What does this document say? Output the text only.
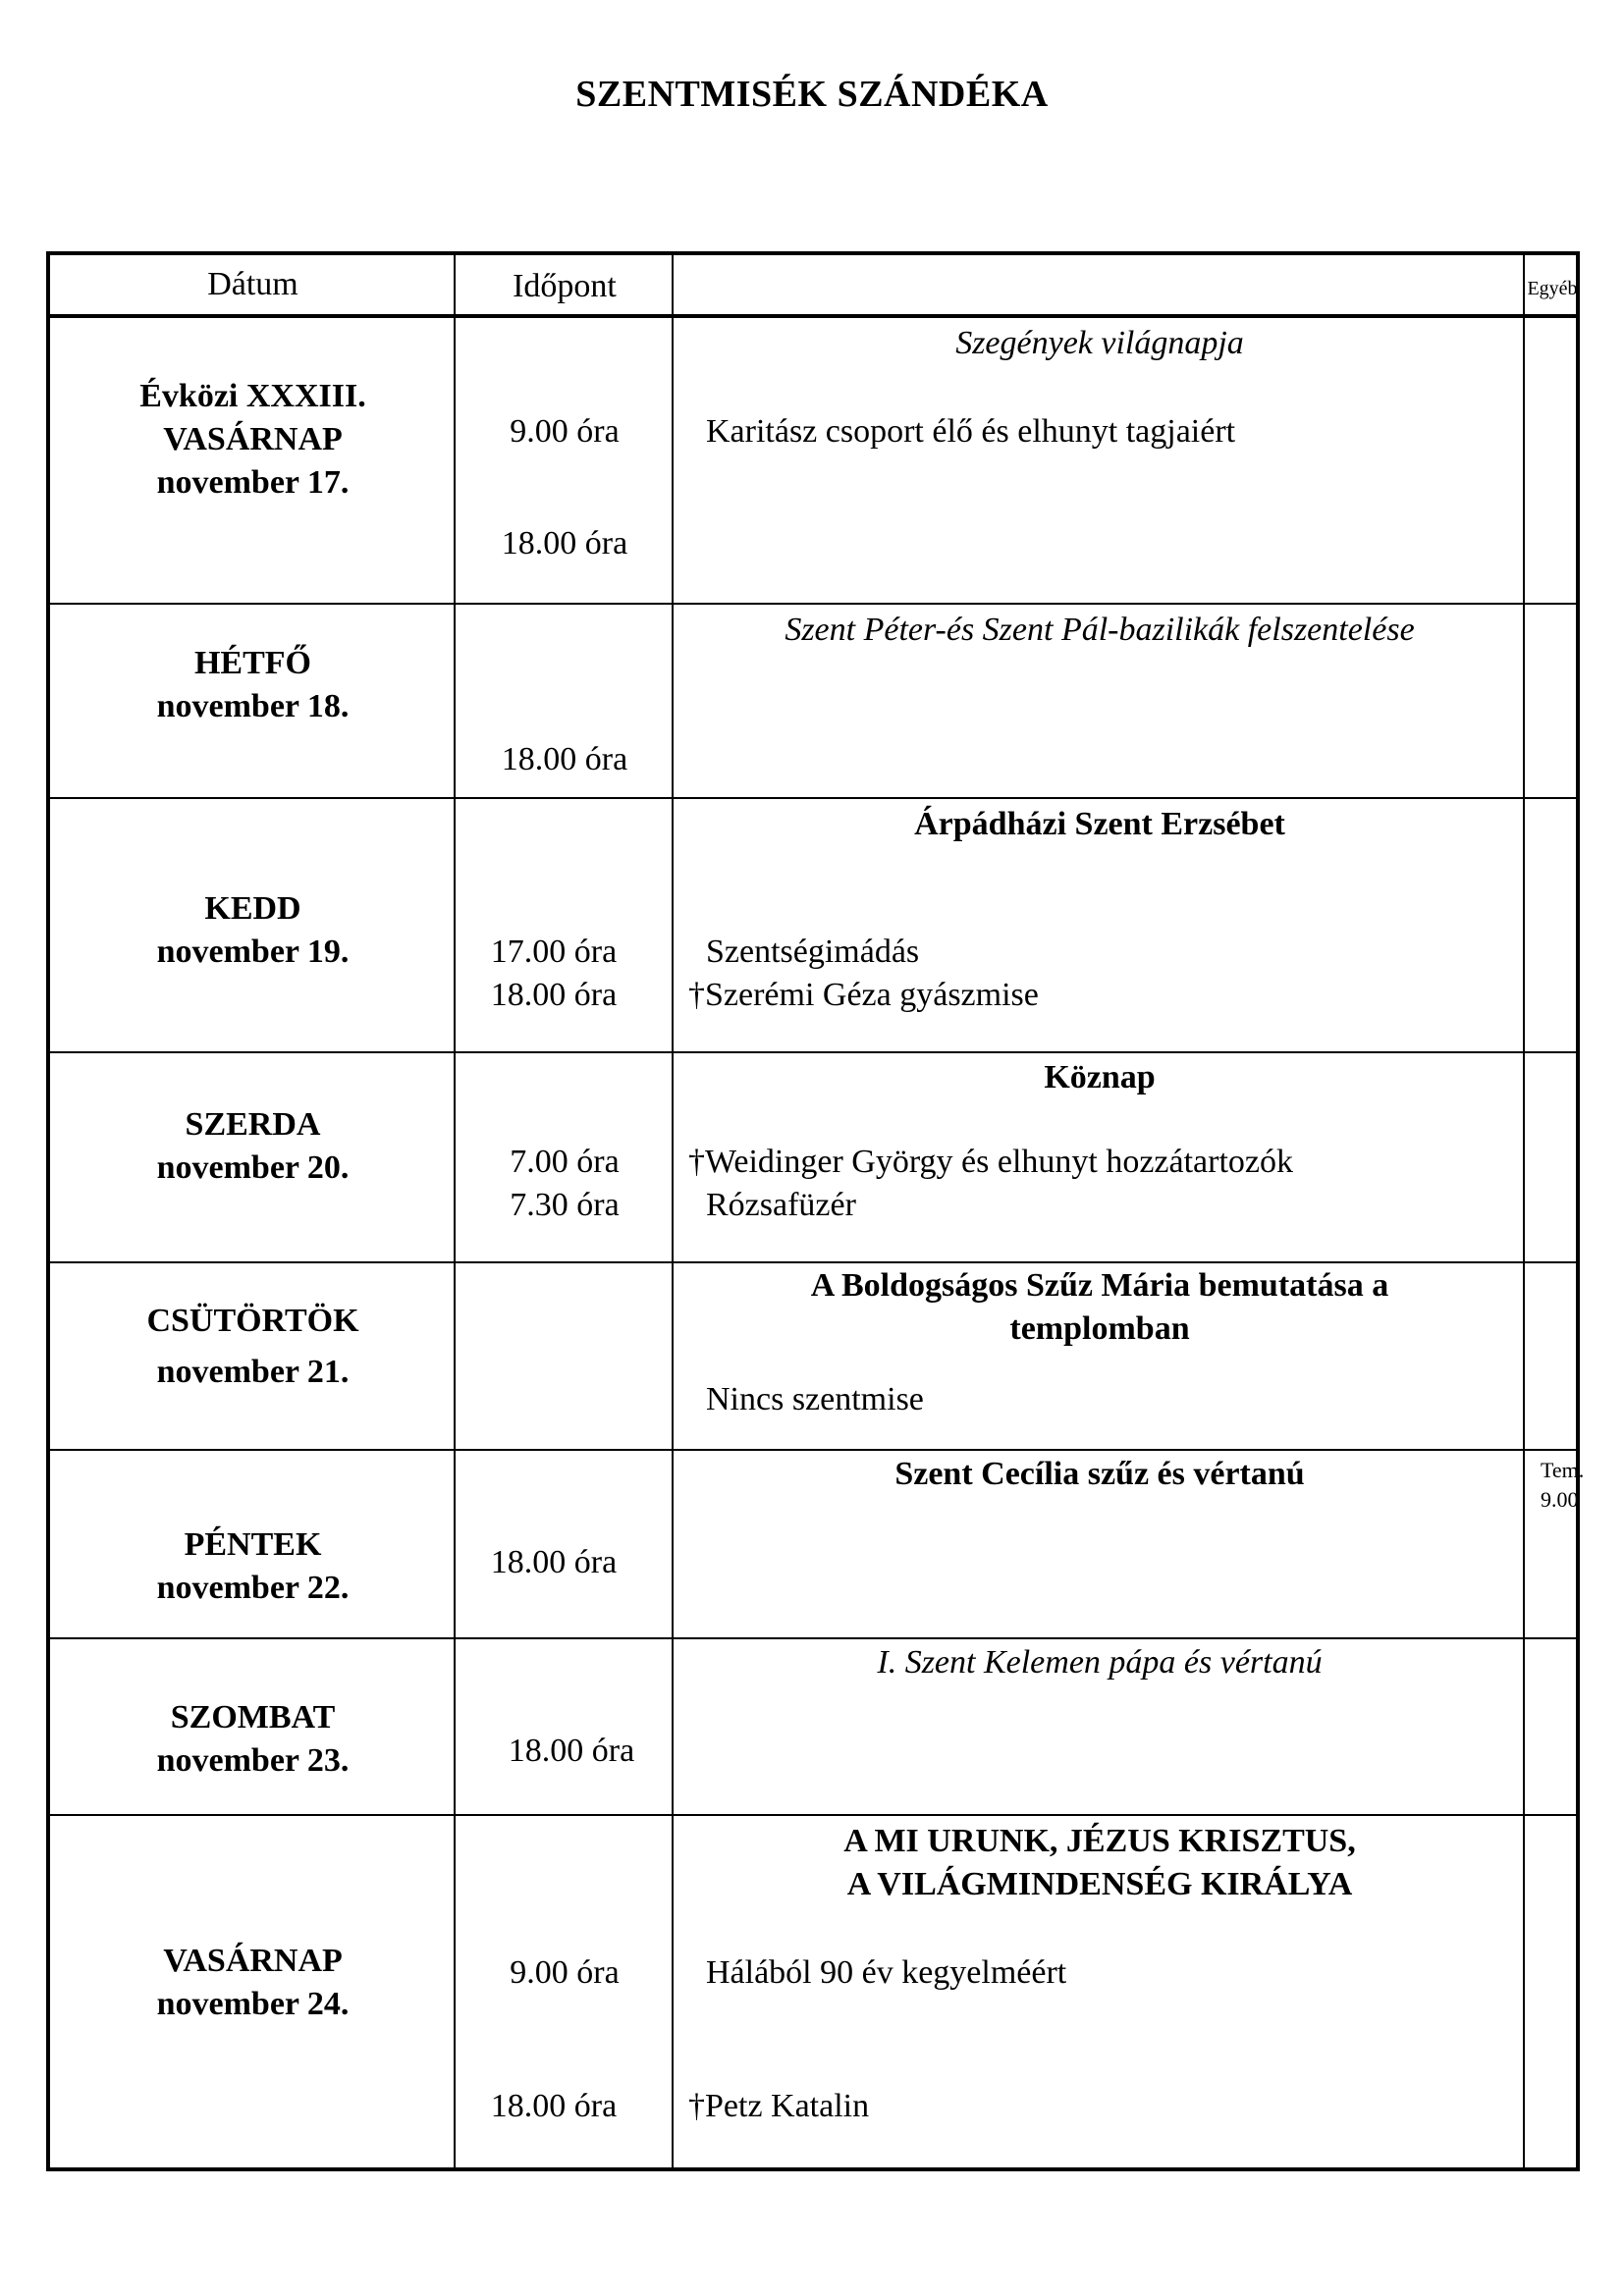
SZENTMISÉK SZÁNDÉKA
Dátum	Időpont	Egyéb
Évközi XXXIII.
VASÁRNAP
november 17.
Szegények világnapja
9.00 óra
18.00 óra
Karitász csoport élő és elhunyt tagjaiért
HÉTFŐ
november 18.
Szent Péter-és Szent Pál-bazilikák felszentelése
18.00 óra
KEDD
november 19.
Árpádházi Szent Erzsébet
17.00 óra
18.00 óra
Szentségimádás
†Szerémi Géza gyászmise
SZERDA
november 20.
Köznap
7.00 óra
7.30 óra
†Weidinger György és elhunyt hozzátartozók
Rózsafüzér
CSÜTÖRTÖK
november 21.
A Boldogságos Szűz Mária bemutatása a
templomban
Nincs szentmise
PÉNTEK
november 22.
Szent Cecília szűz és vértanú
18.00 óra
Tem.
9.00
SZOMBAT
november 23.
I. Szent Kelemen pápa és vértanú
18.00 óra
VASÁRNAP
november 24.
A MI URUNK, JÉZUS KRISZTUS,
A VILÁGMINDENSÉG KIRÁLYA
9.00 óra
18.00 óra
Hálából 90 év kegyelméért
†Petz Katalin
